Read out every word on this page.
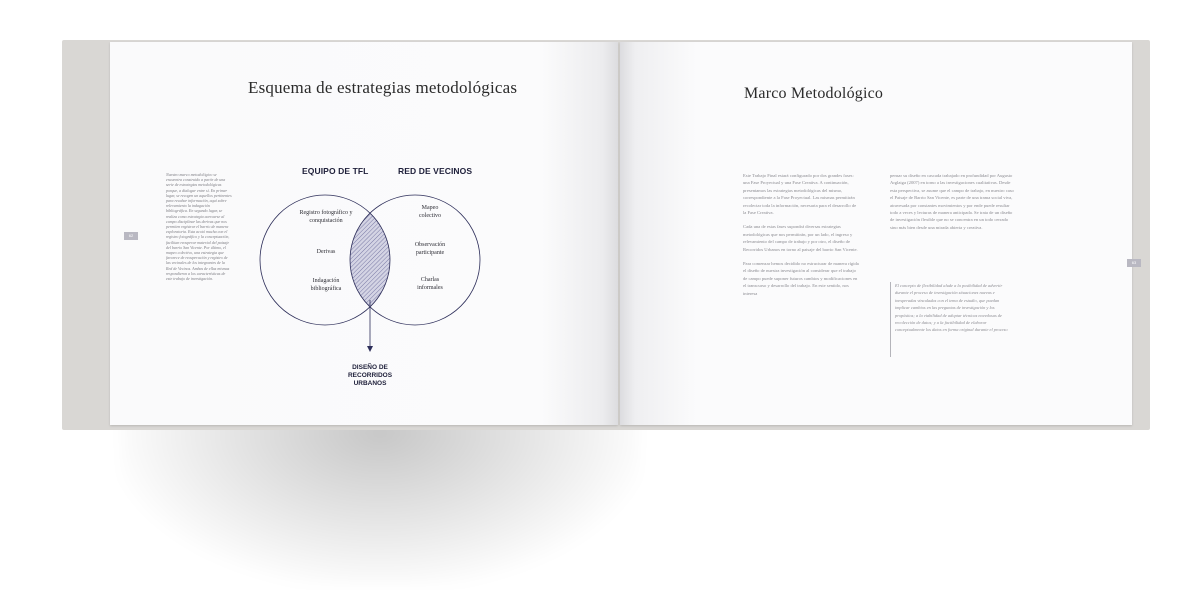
62
63
Esquema de estrategias metodológicas	Marco Metodológico
Nuestro marco metodológico se encuentra construido a partir de una serie de estrategias metodológicas porque, a dialogar entre sí. En primer lugar, se recogen un aquellos pertinentes para recabar información, aquí sobre relevamiento la indagación bibliográfica. En segundo lugar, se realiza como estrategia acercarse al campo disciplinar las derivas que nos permiten registrar el barrio de manera exploratoria. Esta acotó mucha con el registro fotográfico y la conceptuación, facilitan recuperar material del paisaje del barrio San Vicente. Por último, el mapeo colectivo, una estrategia que favorece de recuperación y registro de las vecinales de los integrantes de la Red de Vecinos. Ambas de ellas mismas respondieron a los características de este trabajo de investigación.
EQUIPO DE TFL	RED DE VECINOS
Registro fotográfico y
conquistación
Derivas
Indagación
bibliográfica
Mapeo
colectivo
Observación
participante
Charlas
informales
DISEÑO DE
RECORRIDOS
URBANOS

Este Trabajo Final estará configurado por dos grandes fases: una Fase Proyectual y una Fase Creativa. A continuación, presentamos las estrategias metodológicas del mismo, correspondiente a la Fase Proyectual. Las mismas permitirán recolectar toda la información, necesaria para el desarrollo de la Fase Creativa.

Cada una de estas fases supondrá diversas estrategias metodológicas que nos permitirán, por un lado, el ingreso y relevamiento del campo de trabajo y por otro, el diseño de Recorridos Urbanos en torno al paisaje del barrio San Vicente.

Para comenzar hemos decidido no estructurar de manera rígida el diseño de nuestra investigación al considerar que el trabajo de campo puede suponer futuros cambios y modificaciones en el transcurso y desarrollo del trabajo. En este sentido, nos interesa

pensar su diseño en cascada trabajado en profundidad por Augusto Arglaiga (2007) en torno a las investigaciones cualitativas. Desde esta perspectiva, se asume que el campo de trabajo, en nuestro caso el Paisaje de Barrio San Vicente, es parte de una trama social viva, atravesada por constantes movimientos y por ende puede resultar todo a veces y lecturas de manera anticipada. Se trata de un diseño de investigación flexible que no se concentra en un todo cerrado sino más bien desde una mirada abierta y creativa.

El concepto de flexibilidad alude a la posibilidad de advertir durante el proceso de investigación situaciones nuevas e inesperadas vinculadas con el tema de estudio, que puedan implicar cambios en las preguntas de investigación y los propósitos; a la viabilidad de adoptar técnicas novedosas de recolección de datos; y a la factibilidad de elaborar conceptualmente los datos en forma original durante el proceso
